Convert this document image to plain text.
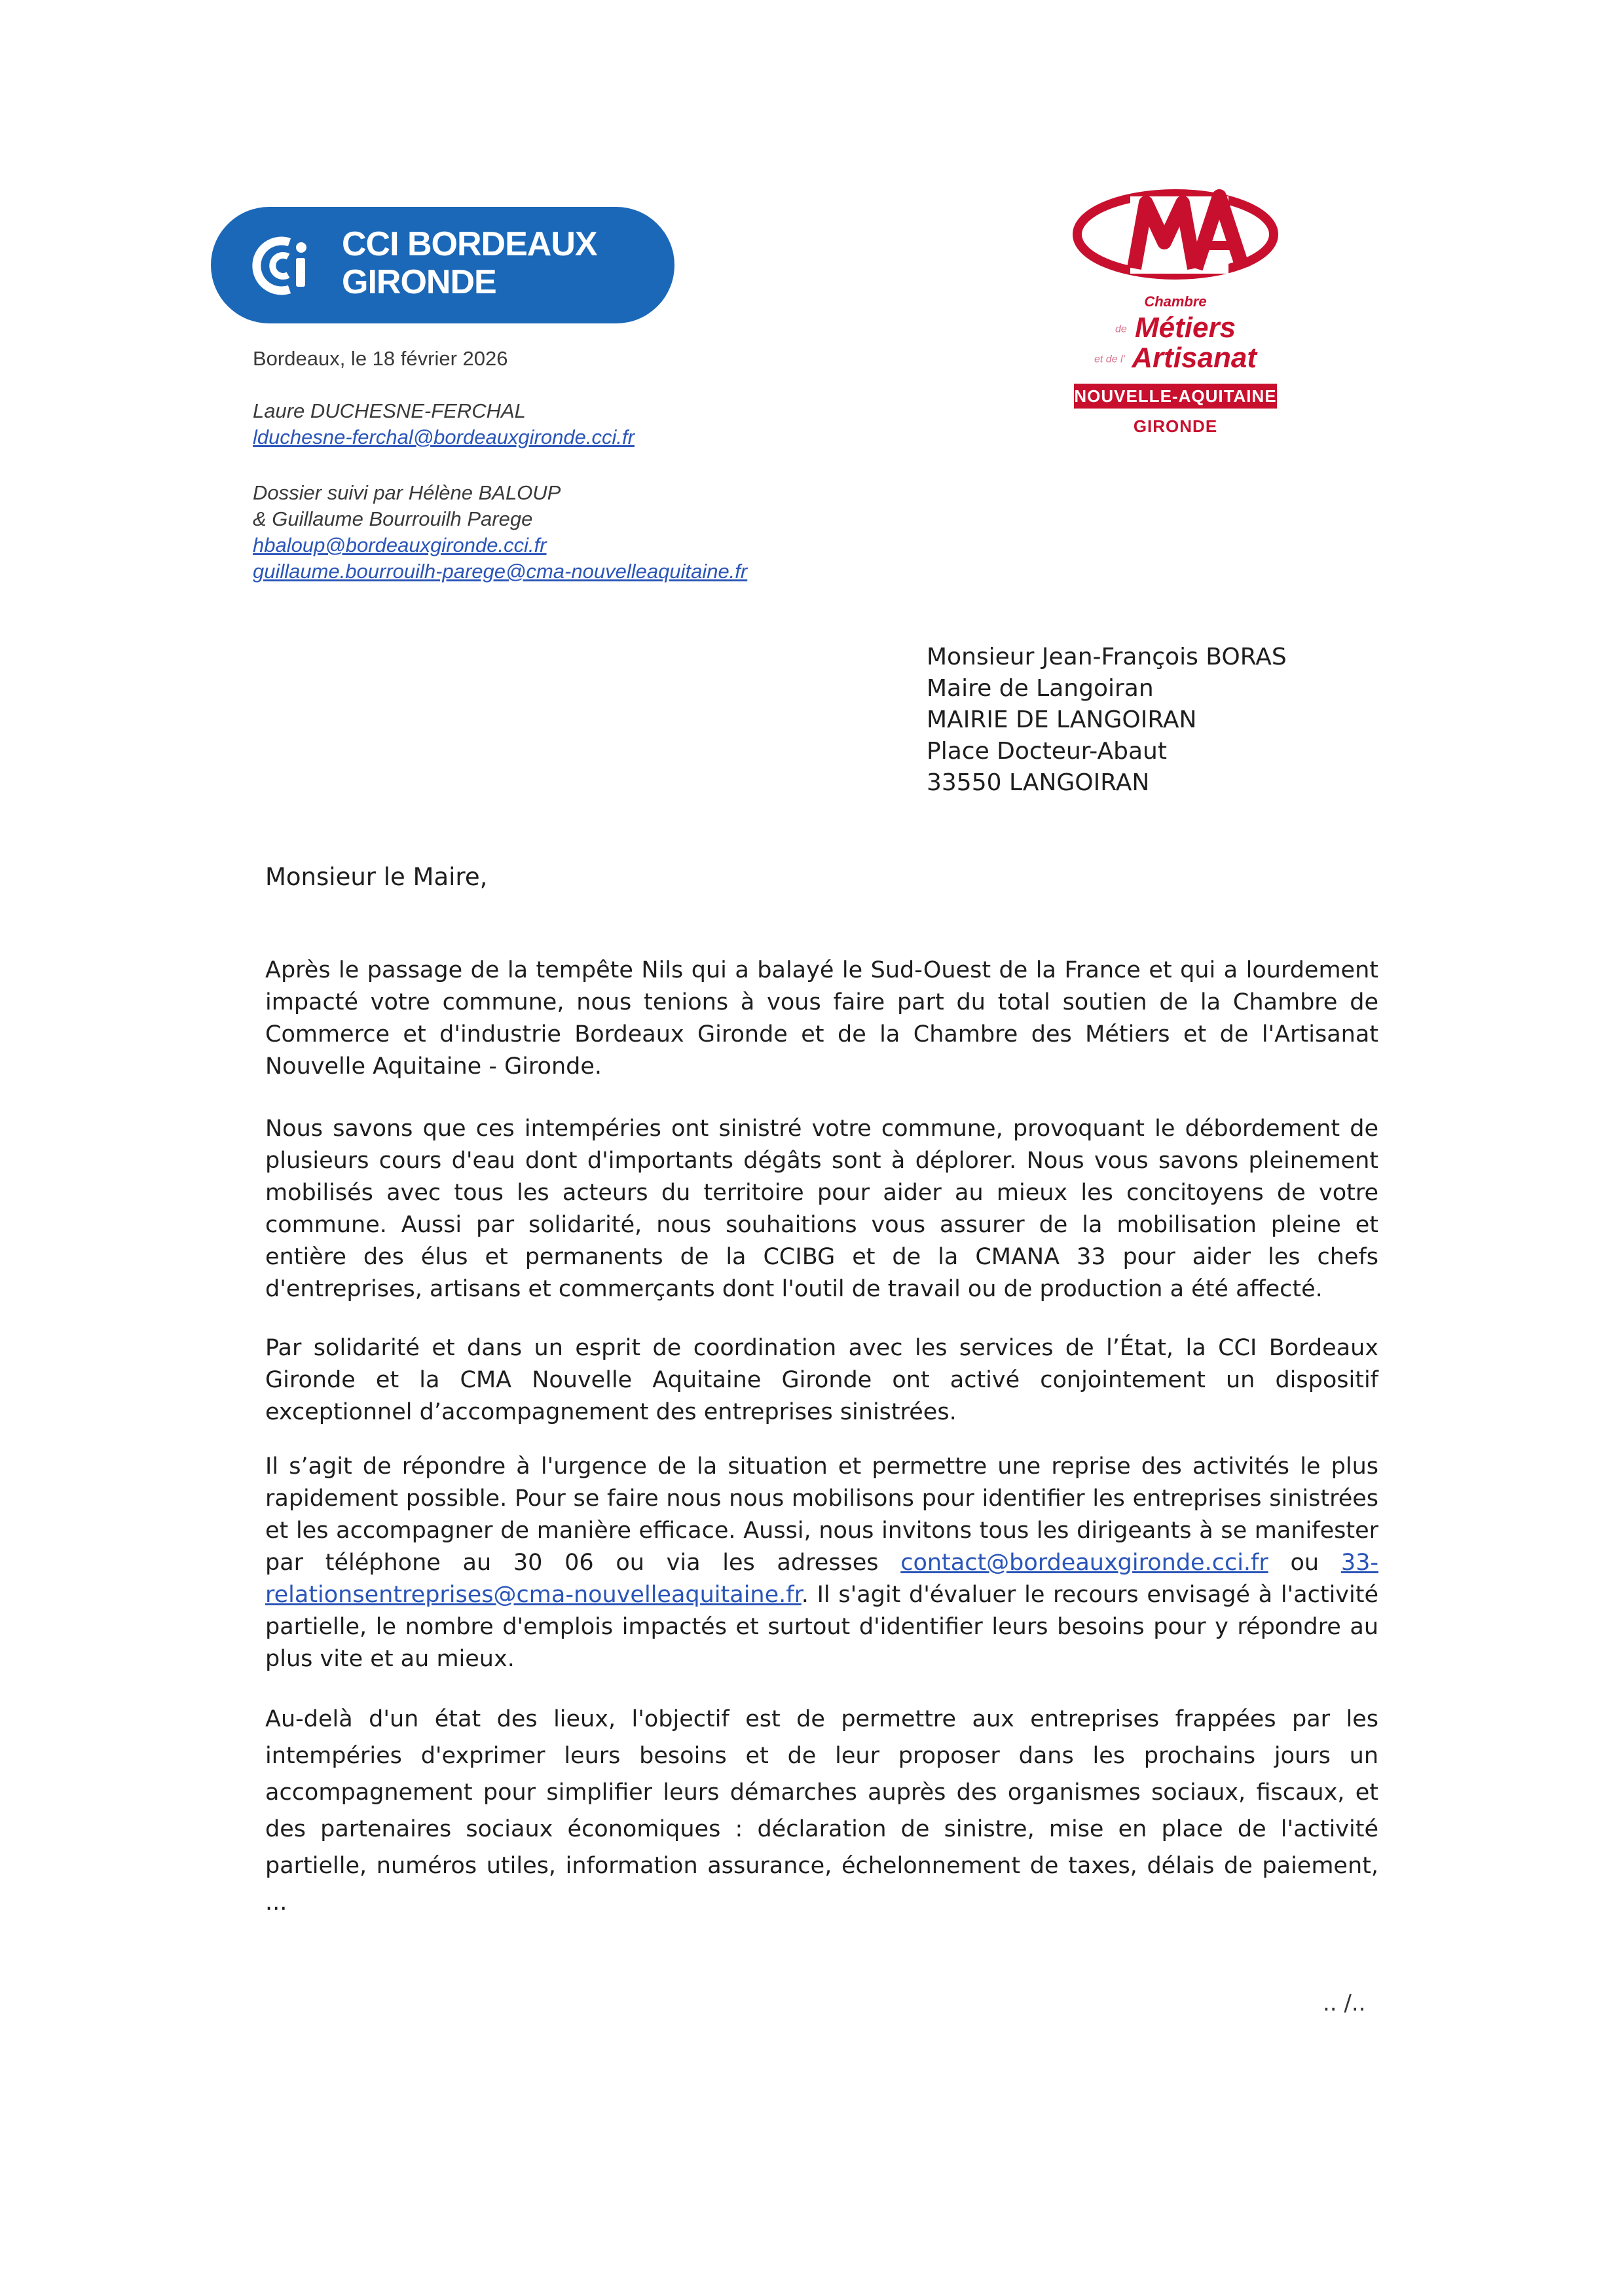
CCI BORDEAUX
GIRONDE
Chambre
de Métiers
et de l' Artisanat
NOUVELLE-AQUITAINE
GIRONDE
Bordeaux, le 18 février 2026
Laure DUCHESNE-FERCHAL
lduchesne-ferchal@bordeauxgironde.cci.fr
Dossier suivi par Hélène BALOUP
& Guillaume Bourrouilh Parege
hbaloup@bordeauxgironde.cci.fr
guillaume.bourrouilh-parege@cma-nouvelleaquitaine.fr
Monsieur Jean-François BORAS
Maire de Langoiran
MAIRIE DE LANGOIRAN
Place Docteur-Abaut
33550 LANGOIRAN
Monsieur le Maire,
Après le passage de la tempête Nils qui a balayé le Sud-Ouest de la France et qui a lourdement impacté votre commune, nous tenions à vous faire part du total soutien de la Chambre de Commerce et d'industrie Bordeaux Gironde et de la Chambre des Métiers et de l'Artisanat Nouvelle Aquitaine - Gironde.
Nous savons que ces intempéries ont sinistré votre commune, provoquant le débordement de plusieurs cours d'eau dont d'importants dégâts sont à déplorer. Nous vous savons pleinement mobilisés avec tous les acteurs du territoire pour aider au mieux les concitoyens de votre commune. Aussi par solidarité, nous souhaitions vous assurer de la mobilisation pleine et entière des élus et permanents de la CCIBG et de la CMANA 33 pour aider les chefs d'entreprises, artisans et commerçants dont l'outil de travail ou de production a été affecté.
Par solidarité et dans un esprit de coordination avec les services de l’État, la CCI Bordeaux Gironde et la CMA Nouvelle Aquitaine Gironde ont activé conjointement un dispositif exceptionnel d’accompagnement des entreprises sinistrées.
Il s’agit de répondre à l'urgence de la situation et permettre une reprise des activités le plus rapidement possible. Pour se faire nous nous mobilisons pour identifier les entreprises sinistrées et les accompagner de manière efficace. Aussi, nous invitons tous les dirigeants à se manifester par téléphone au 30 06 ou via les adresses contact@bordeauxgironde.cci.fr ou 33-relationsentreprises@cma-nouvelleaquitaine.fr. Il s'agit d'évaluer le recours envisagé à l'activité partielle, le nombre d'emplois impactés et surtout d'identifier leurs besoins pour y répondre au plus vite et au mieux.
Au-delà d'un état des lieux, l'objectif est de permettre aux entreprises frappées par les intempéries d'exprimer leurs besoins et de leur proposer dans les prochains jours un accompagnement pour simplifier leurs démarches auprès des organismes sociaux, fiscaux, et des partenaires sociaux économiques : déclaration de sinistre, mise en place de l'activité partielle, numéros utiles, information assurance, échelonnement de taxes, délais de paiement, ...
.. /..
